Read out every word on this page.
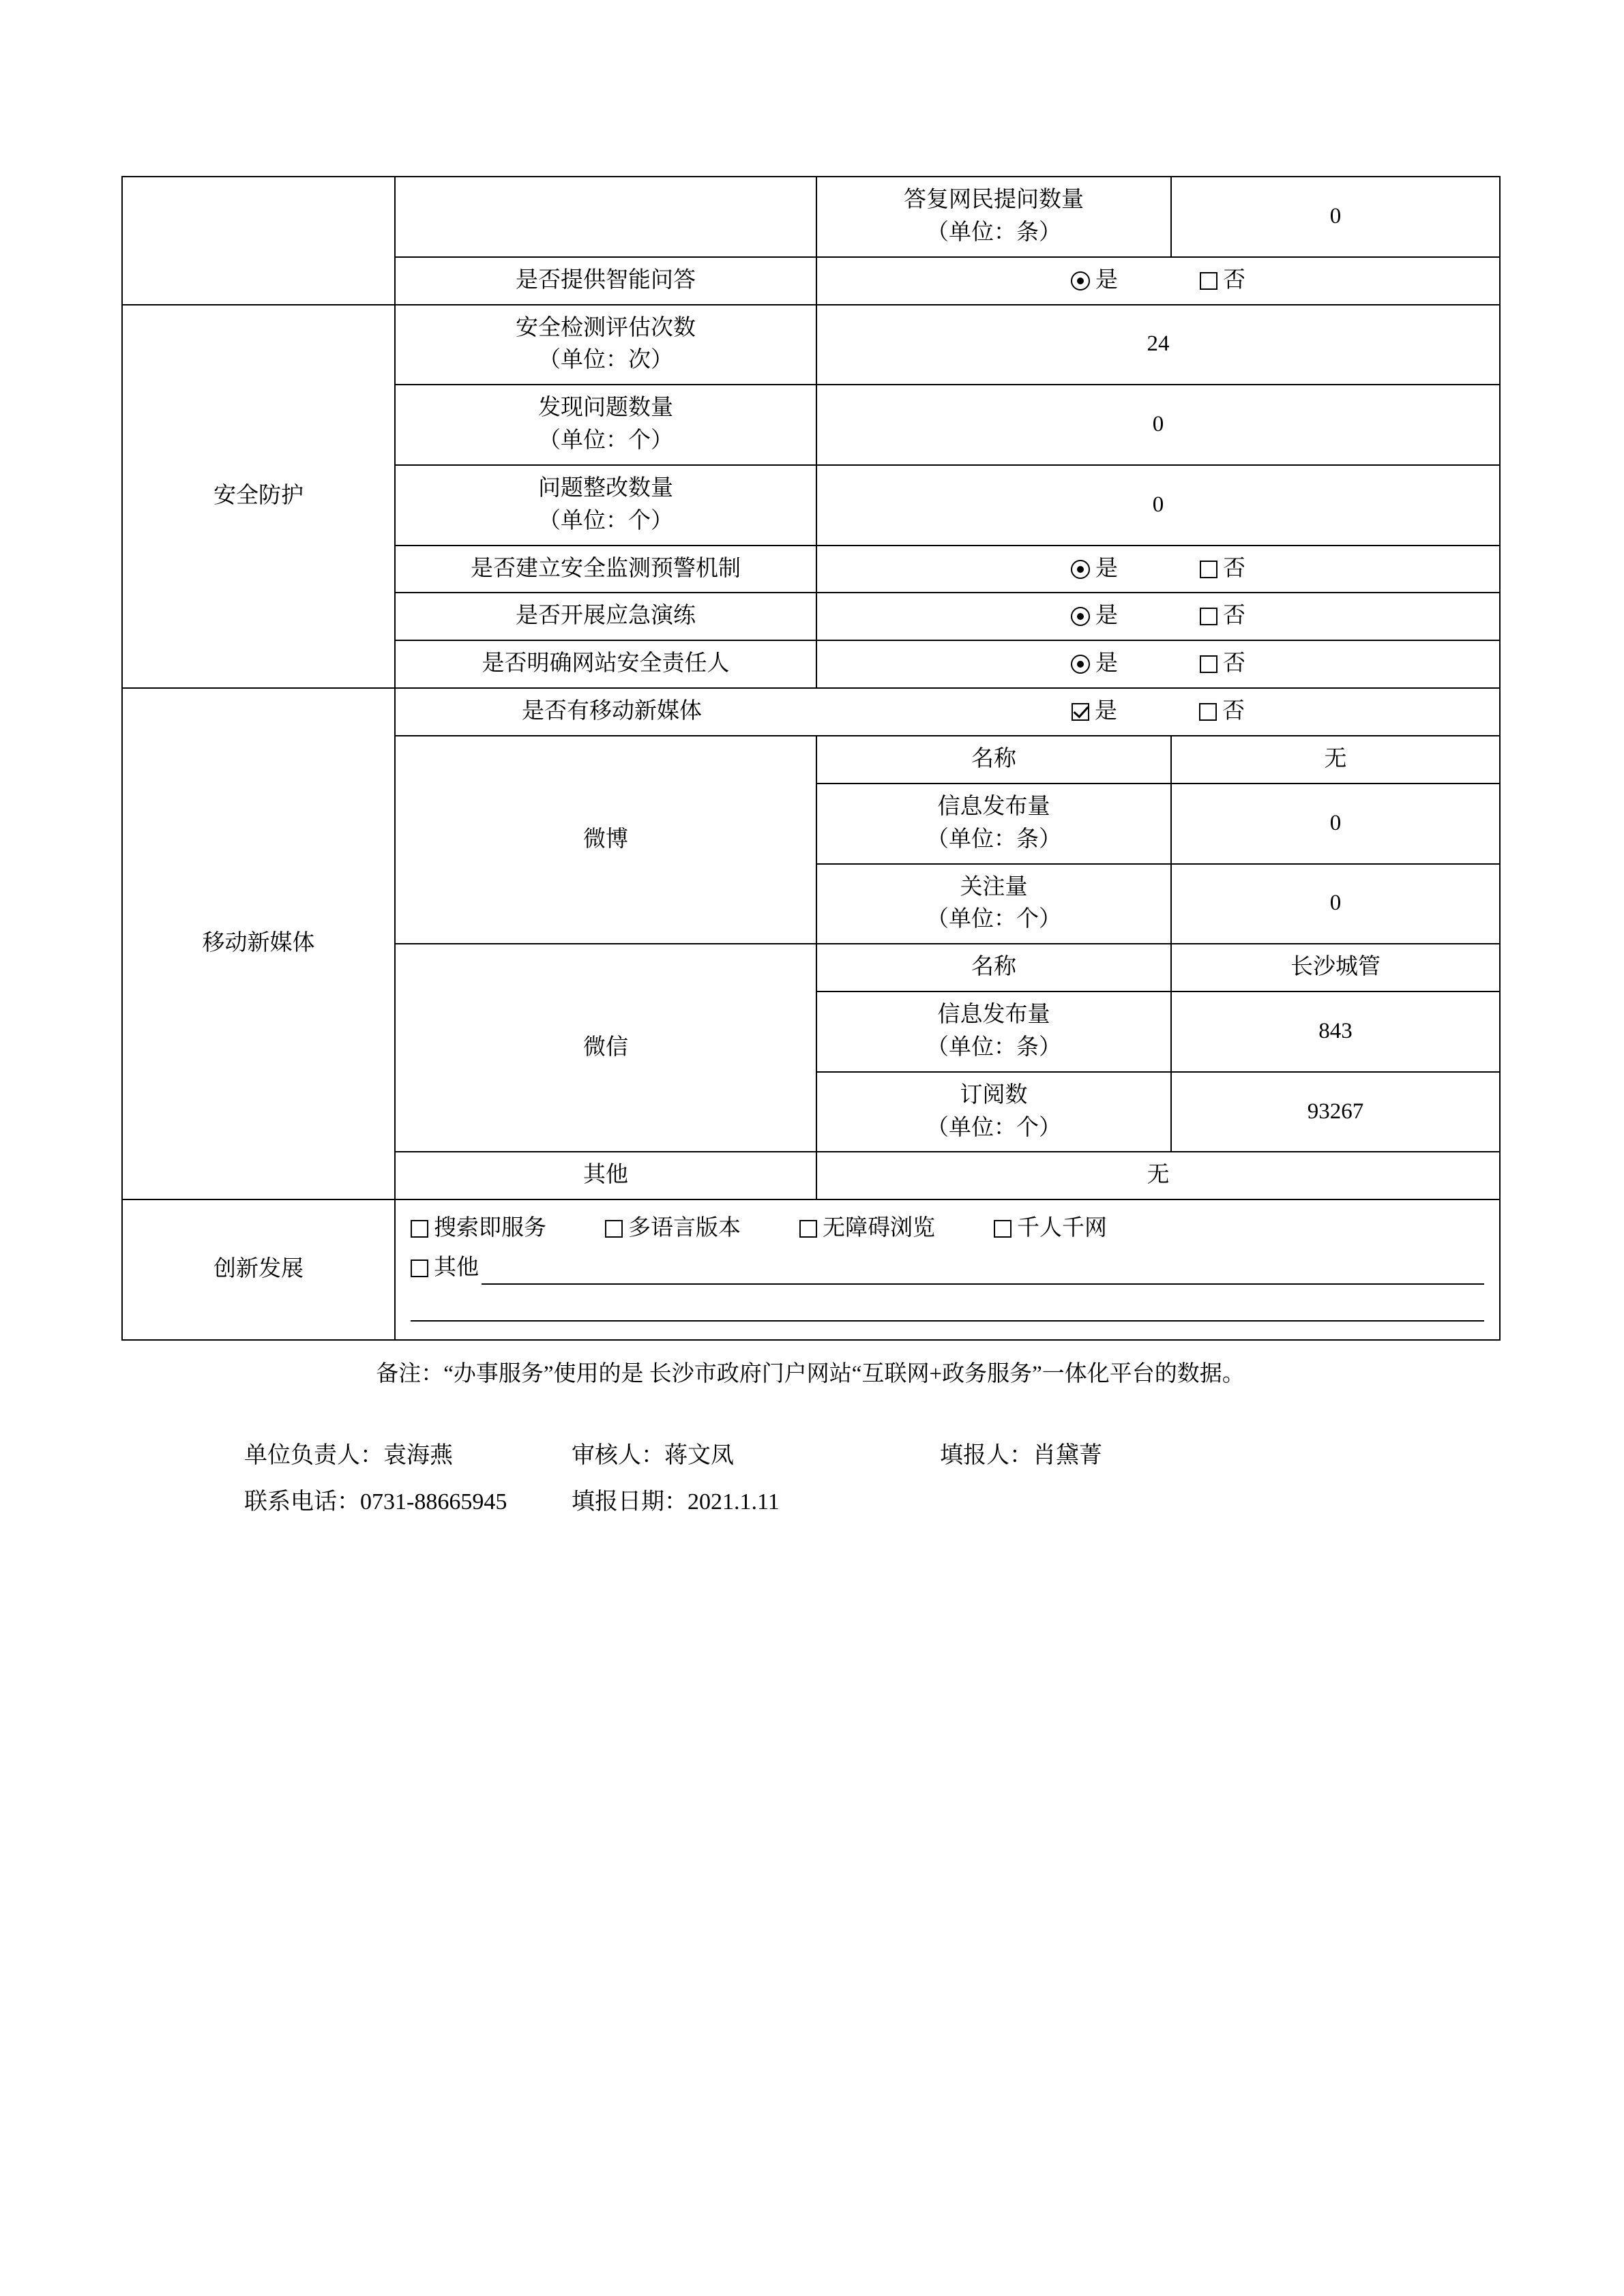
		答复网民提问数量
（单位：条）	0
	是否提供智能问答	是 否	

安全防护	安全检测评估次数
（单位：次）	24	

	发现问题数量
（单位：个）	0	

	问题整改数量
（单位：个）	0	
	是否建立安全监测预警机制	是 否	

	是否开展应急演练	是 否	

	是否明确网站安全责任人	是 否	

移动新媒体	是否有移动新媒体 是 否		

	微博	名称	无

		信息发布量
（单位：条）	0

		关注量
（单位：个）	0
	微信	名称	长沙城管

		信息发布量
（单位：条）	843

		订阅数
（单位：个）	93267
	其他	无	
创新发展	搜索即服务 多语言版本 无障碍浏览 千人千网
其他		
备注：“办事服务”使用的是 长沙市政府门户网站“互联网+政务服务”一体化平台的数据。
单位负责人：袁海燕	审核人：蒋文凤	填报人：肖黛菁
联系电话：0731-88665945	填报日期：2021.1.11
